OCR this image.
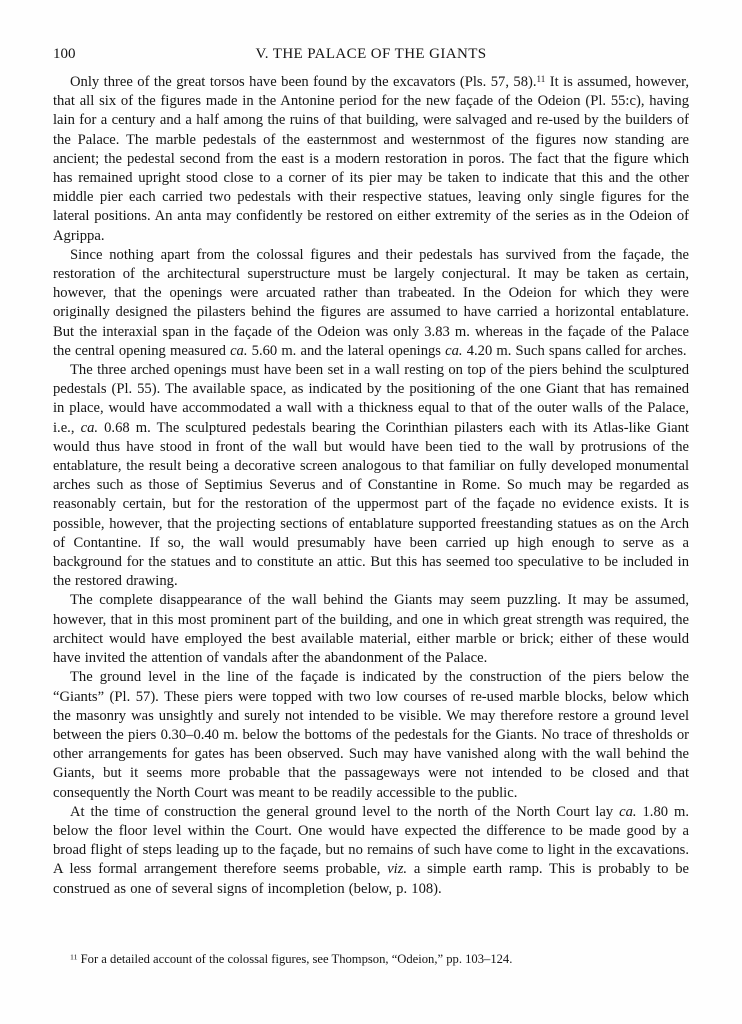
100	V. THE PALACE OF THE GIANTS

Only three of the great torsos have been found by the excavators (Pls. 57, 58).$^{11}$ It is assumed, however, that all six of the figures made in the Antonine period for the new façade of the Odeion (Pl. 55:c), having lain for a century and a half among the ruins of that building, were salvaged and re-used by the builders of the Palace. The marble pedestals of the easternmost and westernmost of the figures now standing are ancient; the pedestal second from the east is a modern restoration in poros. The fact that the figure which has remained upright stood close to a corner of its pier may be taken to indicate that this and the other middle pier each carried two pedestals with their respective statues, leaving only single figures for the lateral positions. An anta may confidently be restored on either extremity of the series as in the Odeion of Agrippa.

Since nothing apart from the colossal figures and their pedestals has survived from the façade, the restoration of the architectural superstructure must be largely conjectural. It may be taken as certain, however, that the openings were arcuated rather than trabeated. In the Odeion for which they were originally designed the pilasters behind the figures are assumed to have carried a horizontal entablature. But the interaxial span in the façade of the Odeion was only 3.83 m. whereas in the façade of the Palace the central opening measured ca. 5.60 m. and the lateral openings ca. 4.20 m. Such spans called for arches.

The three arched openings must have been set in a wall resting on top of the piers behind the sculptured pedestals (Pl. 55). The available space, as indicated by the positioning of the one Giant that has remained in place, would have accommodated a wall with a thickness equal to that of the outer walls of the Palace, i.e., ca. 0.68 m. The sculptured pedestals bearing the Corinthian pilasters each with its Atlas-like Giant would thus have stood in front of the wall but would have been tied to the wall by protrusions of the entablature, the result being a decorative screen analogous to that familiar on fully developed monumental arches such as those of Septimius Severus and of Constantine in Rome. So much may be regarded as reasonably certain, but for the restoration of the uppermost part of the façade no evidence exists. It is possible, however, that the projecting sections of entablature supported freestanding statues as on the Arch of Contantine. If so, the wall would presumably have been carried up high enough to serve as a background for the statues and to constitute an attic. But this has seemed too speculative to be included in the restored drawing.

The complete disappearance of the wall behind the Giants may seem puzzling. It may be assumed, however, that in this most prominent part of the building, and one in which great strength was required, the architect would have employed the best available material, either marble or brick; either of these would have invited the attention of vandals after the abandonment of the Palace.

The ground level in the line of the façade is indicated by the construction of the piers below the “Giants” (Pl. 57). These piers were topped with two low courses of re-used marble blocks, below which the masonry was unsightly and surely not intended to be visible. We may therefore restore a ground level between the piers 0.30–0.40 m. below the bottoms of the pedestals for the Giants. No trace of thresholds or other arrangements for gates has been observed. Such may have vanished along with the wall behind the Giants, but it seems more probable that the passageways were not intended to be closed and that consequently the North Court was meant to be readily accessible to the public.

At the time of construction the general ground level to the north of the North Court lay ca. 1.80 m. below the floor level within the Court. One would have expected the difference to be made good by a broad flight of steps leading up to the façade, but no remains of such have come to light in the excavations. A less formal arrangement therefore seems probable, viz. a simple earth ramp. This is probably to be construed as one of several signs of incompletion (below, p. 108).

$^{11}$ For a detailed account of the colossal figures, see Thompson, “Odeion,” pp. 103–124.
